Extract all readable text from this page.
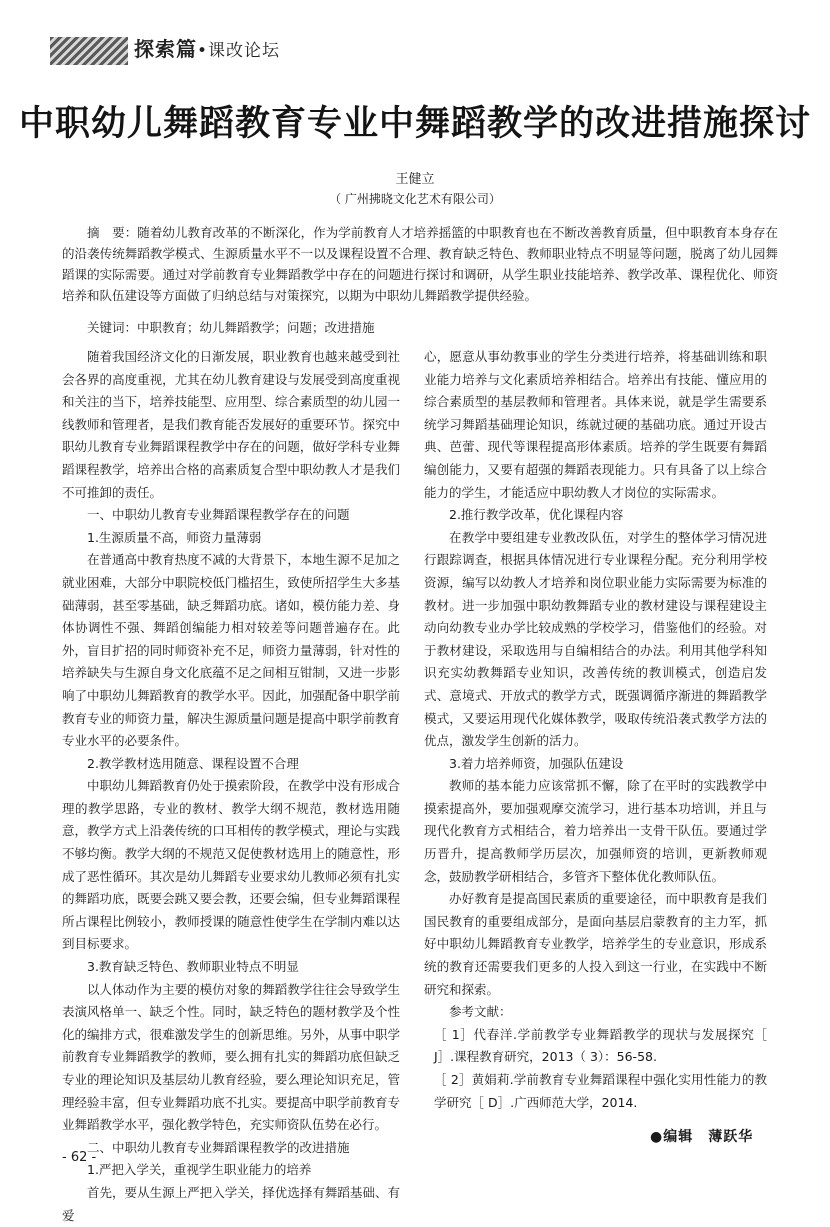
探索篇•课改论坛
中职幼儿舞蹈教育专业中舞蹈教学的改进措施探讨
王健立
（ 广州拂晓文化艺术有限公司）
摘　要：随着幼儿教育改革的不断深化，作为学前教育人才培养摇篮的中职教育也在不断改善教育质量，但中职教育本身存在的沿袭传统舞蹈教学模式、生源质量水平不一以及课程设置不合理、教育缺乏特色、教师职业特点不明显等问题，脱离了幼儿园舞蹈课的实际需要。通过对学前教育专业舞蹈教学中存在的问题进行探讨和调研，从学生职业技能培养、教学改革、课程优化、师资培养和队伍建设等方面做了归纳总结与对策探究，以期为中职幼儿舞蹈教学提供经验。
关键词：中职教育；幼儿舞蹈教学；问题；改进措施

随着我国经济文化的日渐发展，职业教育也越来越受到社会各界的高度重视，尤其在幼儿教育建设与发展受到高度重视和关注的当下，培养技能型、应用型、综合素质型的幼儿园一线教师和管理者，是我们教育能否发展好的重要环节。探究中职幼儿教育专业舞蹈课程教学中存在的问题，做好学科专业舞蹈课程教学，培养出合格的高素质复合型中职幼教人才是我们不可推卸的责任。

一、中职幼儿教育专业舞蹈课程教学存在的问题

1.生源质量不高，师资力量薄弱

在普通高中教育热度不减的大背景下，本地生源不足加之就业困难，大部分中职院校低门槛招生，致使所招学生大多基础薄弱，甚至零基础，缺乏舞蹈功底。诸如，模仿能力差、身体协调性不强、舞蹈创编能力相对较差等问题普遍存在。此外，盲目扩招的同时师资补充不足，师资力量薄弱，针对性的培养缺失与生源自身文化底蕴不足之间相互钳制，又进一步影响了中职幼儿舞蹈教育的教学水平。因此，加强配备中职学前教育专业的师资力量，解决生源质量问题是提高中职学前教育专业水平的必要条件。

2.教学教材选用随意、课程设置不合理

中职幼儿舞蹈教育仍处于摸索阶段，在教学中没有形成合理的教学思路，专业的教材、教学大纲不规范，教材选用随意，教学方式上沿袭传统的口耳相传的教学模式，理论与实践不够均衡。教学大纲的不规范又促使教材选用上的随意性，形成了恶性循环。其次是幼儿舞蹈专业要求幼儿教师必须有扎实的舞蹈功底，既要会跳又要会教，还要会编，但专业舞蹈课程所占课程比例较小，教师授课的随意性使学生在学制内难以达到目标要求。

3.教育缺乏特色、教师职业特点不明显

以人体动作为主要的模仿对象的舞蹈教学往往会导致学生表演风格单一、缺乏个性。同时，缺乏特色的题材教学及个性化的编排方式，很难激发学生的创新思维。另外，从事中职学前教育专业舞蹈教学的教师，要么拥有扎实的舞蹈功底但缺乏专业的理论知识及基层幼儿教育经验，要么理论知识充足，管理经验丰富，但专业舞蹈功底不扎实。要提高中职学前教育专业舞蹈教学水平，强化教学特色，充实师资队伍势在必行。

二、中职幼儿教育专业舞蹈课程教学的改进措施

1.严把入学关，重视学生职业能力的培养

首先，要从生源上严把入学关，择优选择有舞蹈基础、有爱

心，愿意从事幼教事业的学生分类进行培养，将基础训练和职业能力培养与文化素质培养相结合。培养出有技能、懂应用的综合素质型的基层教师和管理者。具体来说，就是学生需要系统学习舞蹈基础理论知识，练就过硬的基础功底。通过开设古典、芭蕾、现代等课程提高形体素质。培养的学生既要有舞蹈编创能力，又要有超强的舞蹈表现能力。只有具备了以上综合能力的学生，才能适应中职幼教人才岗位的实际需求。

2.推行教学改革，优化课程内容

在教学中要组建专业教改队伍，对学生的整体学习情况进行跟踪调查，根据具体情况进行专业课程分配。充分利用学校资源，编写以幼教人才培养和岗位职业能力实际需要为标准的教材。进一步加强中职幼教舞蹈专业的教材建设与课程建设主动向幼教专业办学比较成熟的学校学习，借鉴他们的经验。对于教材建设，采取选用与自编相结合的办法。利用其他学科知识充实幼教舞蹈专业知识，改善传统的教训模式，创造启发式、意境式、开放式的教学方式，既强调循序渐进的舞蹈教学模式，又要运用现代化媒体教学，吸取传统沿袭式教学方法的优点，激发学生创新的活力。

3.着力培养师资，加强队伍建设

教师的基本能力应该常抓不懈，除了在平时的实践教学中摸索提高外，要加强观摩交流学习，进行基本功培训，并且与现代化教育方式相结合，着力培养出一支骨干队伍。要通过学历晋升，提高教师学历层次，加强师资的培训，更新教师观念，鼓励教学研相结合，多管齐下整体优化教师队伍。

办好教育是提高国民素质的重要途径，而中职教育是我们国民教育的重要组成部分，是面向基层启蒙教育的主力军，抓好中职幼儿舞蹈教育专业教学，培养学生的专业意识，形成系统的教育还需要我们更多的人投入到这一行业，在实践中不断研究和探索。

参考文献：

［ 1］代春洋.学前教学专业舞蹈教学的现状与发展探究［ J］.课程教育研究，2013（ 3）：56-58.

［ 2］黄娟莉.学前教育专业舞蹈课程中强化实用性能力的教学研究［ D］.广西师范大学，2014.

●编辑　薄跃华
- 62 -
